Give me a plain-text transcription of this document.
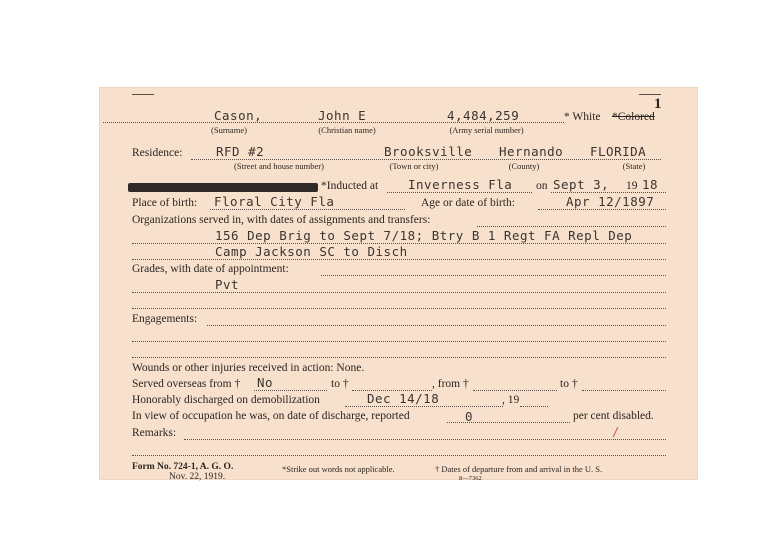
1
Cason,	John E	4,484,259	* White *Colored
(Surname)	(Christian name)	(Army serial number)
Residence:	RFD #2	Brooksville Hernando FLORIDA
(Street and house number)	(Town or city)	(County)	(State)
*Inducted at Inverness Fla on Sept 3, 19 18
Place of birth: Floral City Fla	Age or date of birth:	Apr 12/1897
Organizations served in, with dates of assignments and transfers:
156 Dep Brig to Sept 7/18; Btry B 1 Regt FA Repl Dep
Camp Jackson SC to Disch
Grades, with date of appointment:
Pvt
Engagements:
Wounds or other injuries received in action: None.
Served overseas from † No	to †	, from †	to †
Honorably discharged on demobilization	Dec 14/18	, 19
In view of occupation he was, on date of discharge, reported	0	per cent disabled.
Remarks:
Form No. 724-1, A. G. O.
Nov. 22, 1919.
*Strike out words not applicable.	† Dates of departure from and arrival in the U. S.
8—7362
